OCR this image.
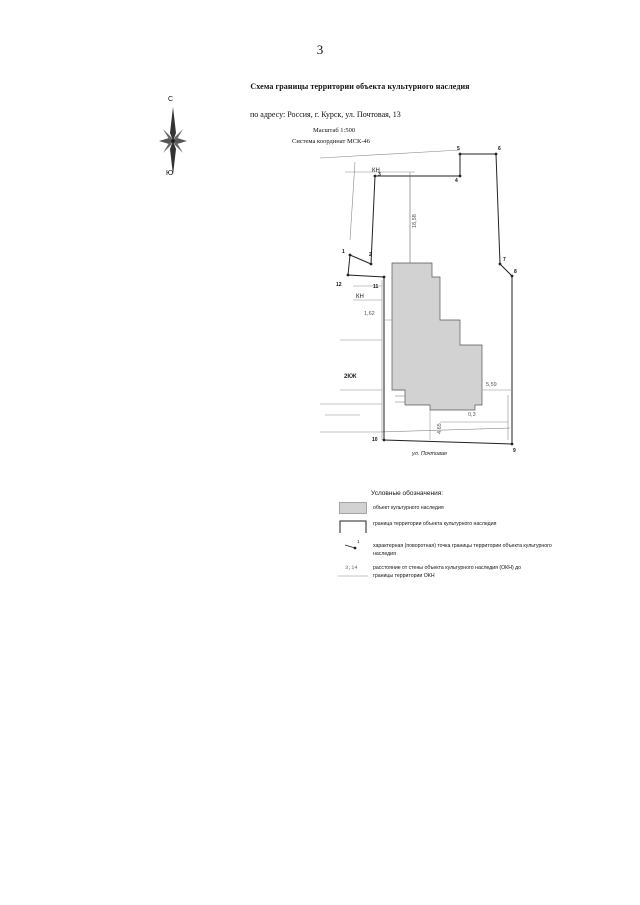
3
Схема границы территории объекта культурного наследия
по адресу: Россия, г. Курск, ул. Почтовая, 13
Масштаб 1:500
Система координат МСК-46
С
Ю
1	2
3
4
5	6
7
8
9
10
11
12
КН
КН
2КЖ
18,58
1,62
5,59
4,65
0,3
ул. Почтовая
Условные обозначения:
объект культурного наследия
граница территории объекта культурного наследия
1
характерная (поворотная) точка границы территории объекта культурного наследия
3,14	расстояние от стены объекта культурного наследия (ОКН) до границы территории ОКН
